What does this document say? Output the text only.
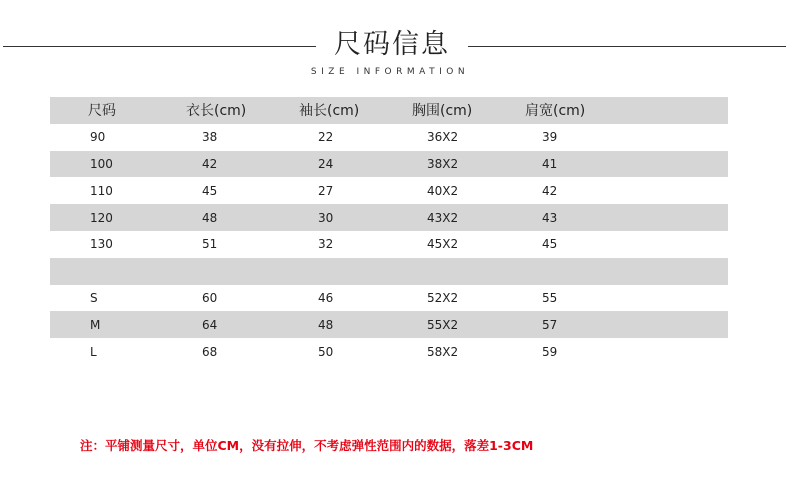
尺码信息
SIZE INFORMATION
尺码	衣长(cm)	袖长(cm)	胸围(cm)	肩宽(cm)
90	38	22	36X2	39
100	42	24	38X2	41
110	45	27	40X2	42
120	48	30	43X2	43
130	51	32	45X2	45
S	60	46	52X2	55
M	64	48	55X2	57
L	68	50	58X2	59
注：平铺测量尺寸，单位CM，没有拉伸，不考虑弹性范围内的数据，落差1-3CM
